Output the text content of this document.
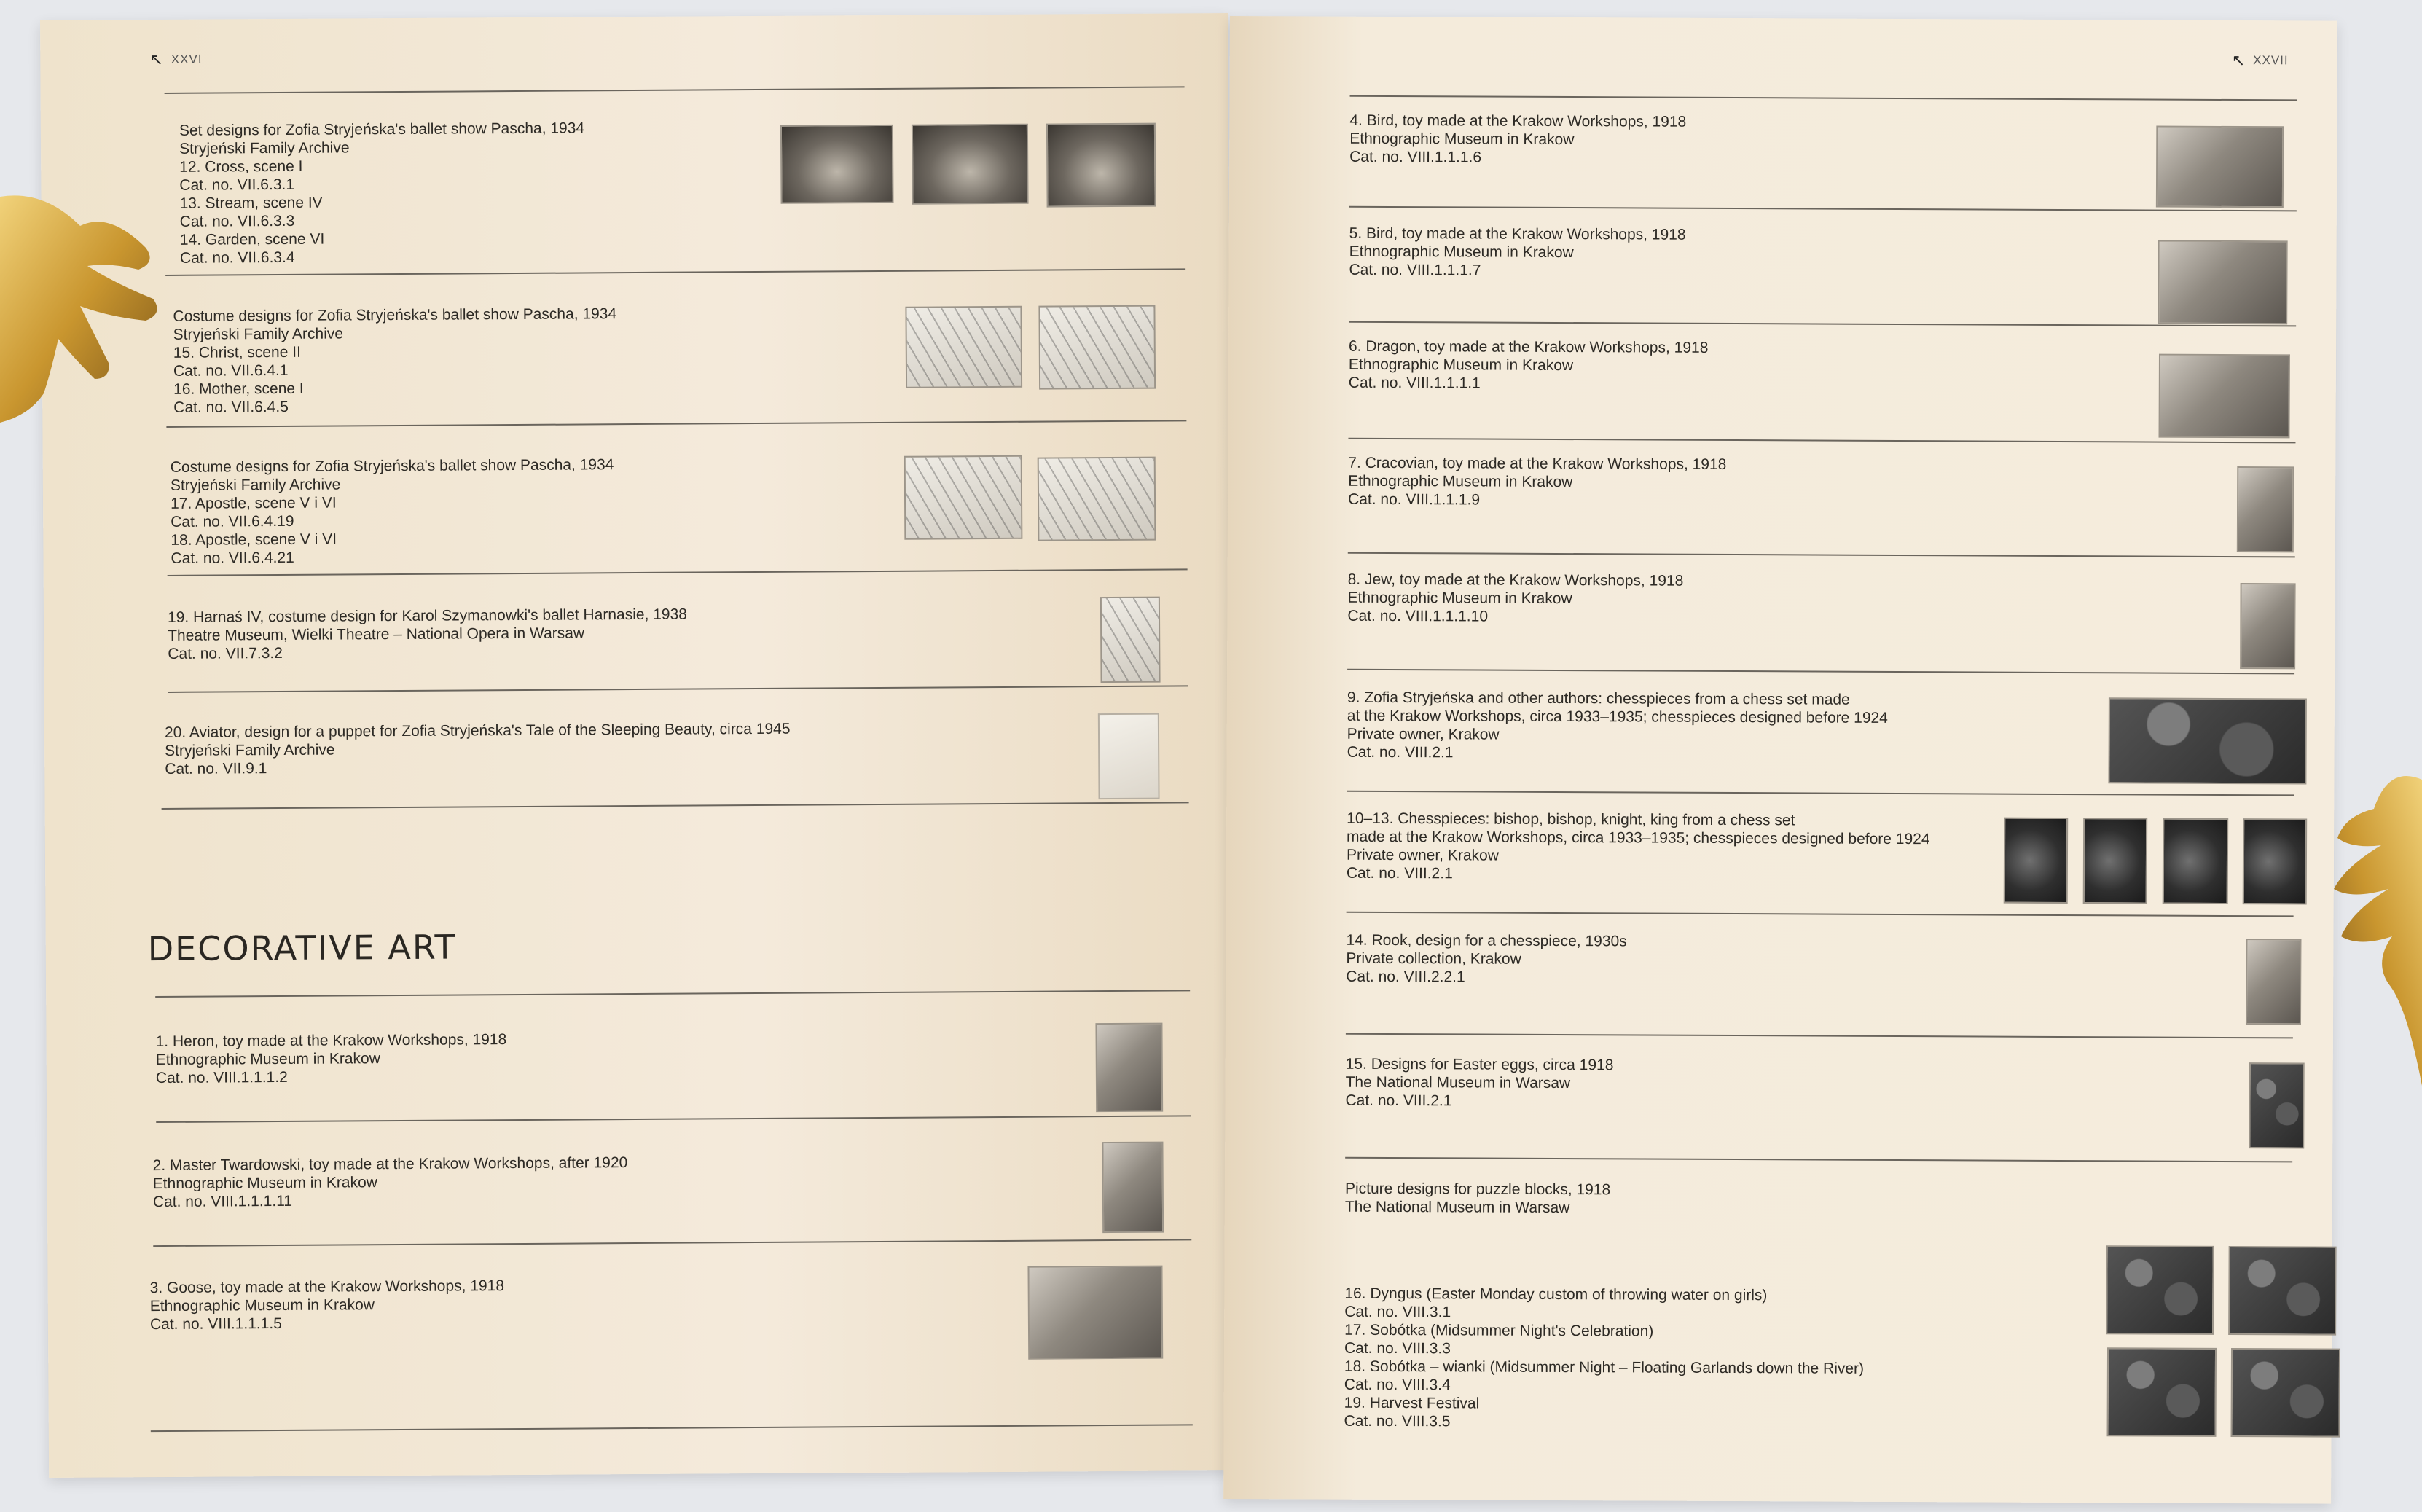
↖ XXVI
Set designs for Zofia Stryjeńska's ballet show Pascha, 1934
Stryjeński Family Archive
12. Cross, scene I
Cat. no. VII.6.3.1
13. Stream, scene IV
Cat. no. VII.6.3.3
14. Garden, scene VI
Cat. no. VII.6.3.4
Costume designs for Zofia Stryjeńska's ballet show Pascha, 1934
Stryjeński Family Archive
15. Christ, scene II
Cat. no. VII.6.4.1
16. Mother, scene I
Cat. no. VII.6.4.5
Costume designs for Zofia Stryjeńska's ballet show Pascha, 1934
Stryjeński Family Archive
17. Apostle, scene V i VI
Cat. no. VII.6.4.19
18. Apostle, scene V i VI
Cat. no. VII.6.4.21
19. Harnaś IV, costume design for Karol Szymanowki's ballet Harnasie, 1938
Theatre Museum, Wielki Theatre – National Opera in Warsaw
Cat. no. VII.7.3.2
20. Aviator, design for a puppet for Zofia Stryjeńska's Tale of the Sleeping Beauty, circa 1945
Stryjeński Family Archive
Cat. no. VII.9.1
DECORATIVE ART
1. Heron, toy made at the Krakow Workshops, 1918
Ethnographic Museum in Krakow
Cat. no. VIII.1.1.1.2
2. Master Twardowski, toy made at the Krakow Workshops, after 1920
Ethnographic Museum in Krakow
Cat. no. VIII.1.1.1.11
3. Goose, toy made at the Krakow Workshops, 1918
Ethnographic Museum in Krakow
Cat. no. VIII.1.1.1.5
↖ XXVII
4. Bird, toy made at the Krakow Workshops, 1918
Ethnographic Museum in Krakow
Cat. no. VIII.1.1.1.6
5. Bird, toy made at the Krakow Workshops, 1918
Ethnographic Museum in Krakow
Cat. no. VIII.1.1.1.7
6. Dragon, toy made at the Krakow Workshops, 1918
Ethnographic Museum in Krakow
Cat. no. VIII.1.1.1.1
7. Cracovian, toy made at the Krakow Workshops, 1918
Ethnographic Museum in Krakow
Cat. no. VIII.1.1.1.9
8. Jew, toy made at the Krakow Workshops, 1918
Ethnographic Museum in Krakow
Cat. no. VIII.1.1.1.10
9. Zofia Stryjeńska and other authors: chesspieces from a chess set made
at the Krakow Workshops, circa 1933–1935; chesspieces designed before 1924
Private owner, Krakow
Cat. no. VIII.2.1
10–13. Chesspieces: bishop, bishop, knight, king from a chess set
made at the Krakow Workshops, circa 1933–1935; chesspieces designed before 1924
Private owner, Krakow
Cat. no. VIII.2.1
14. Rook, design for a chesspiece, 1930s
Private collection, Krakow
Cat. no. VIII.2.2.1
15. Designs for Easter eggs, circa 1918
The National Museum in Warsaw
Cat. no. VIII.2.1
Picture designs for puzzle blocks, 1918
The National Museum in Warsaw
16. Dyngus (Easter Monday custom of throwing water on girls)
Cat. no. VIII.3.1
17. Sobótka (Midsummer Night's Celebration)
Cat. no. VIII.3.3
18. Sobótka – wianki (Midsummer Night – Floating Garlands down the River)
Cat. no. VIII.3.4
19. Harvest Festival
Cat. no. VIII.3.5
